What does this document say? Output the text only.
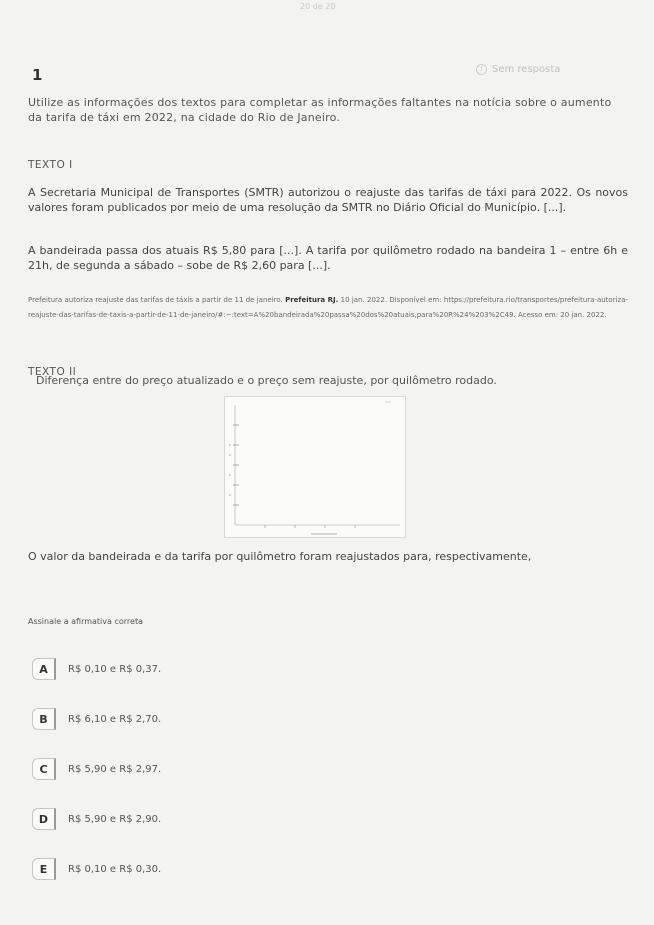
20 de 20
1	! Sem resposta
Utilize as informações dos textos para completar as informações faltantes na notícia sobre o aumento da tarifa de táxi em 2022, na cidade do Rio de Janeiro.
TEXTO I
A Secretaria Municipal de Transportes (SMTR) autorizou o reajuste das tarifas de táxi para 2022. Os novos valores foram publicados por meio de uma resolução da SMTR no Diário Oficial do Município. [...].
A bandeirada passa dos atuais R$ 5,80 para [...]. A tarifa por quilômetro rodado na bandeira 1 – entre 6h e 21h, de segunda a sábado – sobe de R$ 2,60 para [...].
Prefeitura autoriza reajuste das tarifas de táxis a partir de 11 de janeiro. Prefeitura RJ. 10 jan. 2022. Disponível em: https://prefeitura.rio/transportes/prefeitura-autoriza-reajuste-das-tarifas-de-taxis-a-partir-de-11-de-janeiro/#:~:text=A%20bandeirada%20passa%20dos%20atuais,para%20R%24%203%2C49. Acesso em: 20 jan. 2022.
TEXTO II
Diferença entre do preço atualizado e o preço sem reajuste, por quilômetro rodado.
O valor da bandeirada e da tarifa por quilômetro foram reajustados para, respectivamente,
Assinale a afirmativa correta
A	R$ 0,10 e R$ 0,37.
B	R$ 6,10 e R$ 2,70.
C	R$ 5,90 e R$ 2,97.
D	R$ 5,90 e R$ 2,90.
E	R$ 0,10 e R$ 0,30.
